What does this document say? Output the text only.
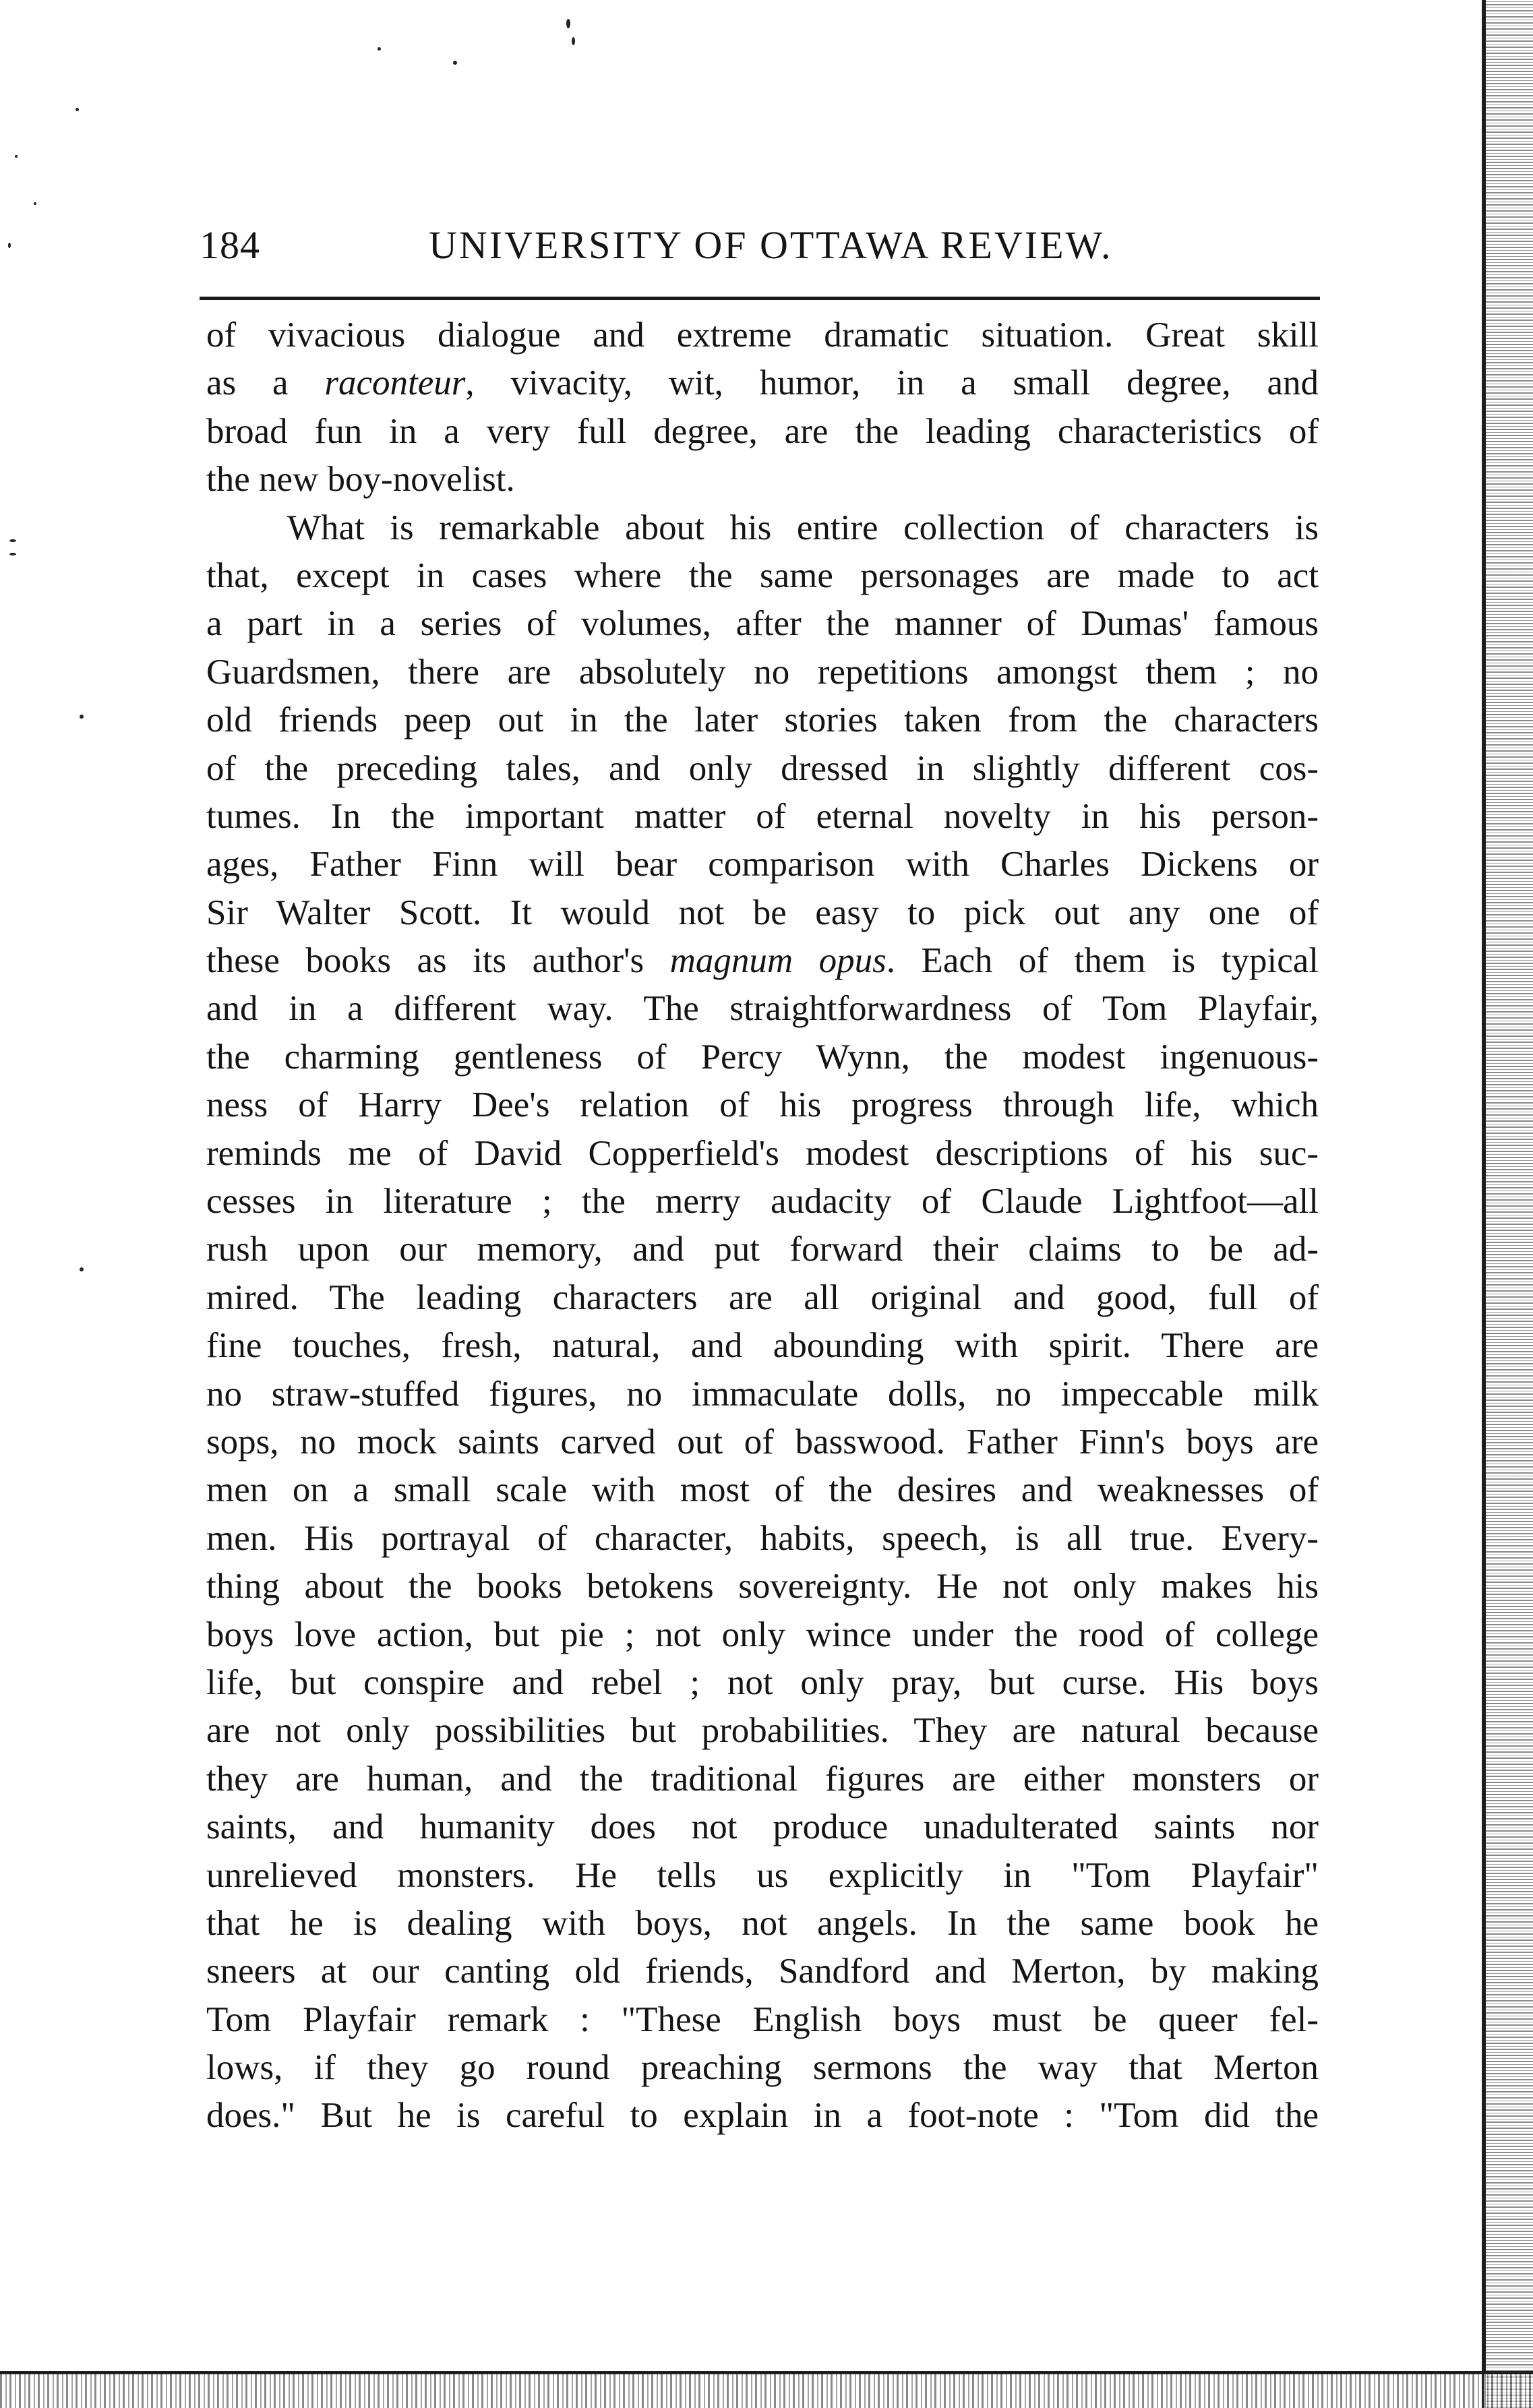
184	UNIVERSITY OF OTTAWA REVIEW.
of vivacious dialogue and extreme dramatic situation. Great skill
as a raconteur, vivacity, wit, humor, in a small degree, and
broad fun in a very full degree, are the leading characteristics of
the new boy-novelist.
What is remarkable about his entire collection of characters is
that, except in cases where the same personages are made to act
a part in a series of volumes, after the manner of Dumas' famous
Guardsmen, there are absolutely no repetitions amongst them ; no
old friends peep out in the later stories taken from the characters
of the preceding tales, and only dressed in slightly different cos-
tumes. In the important matter of eternal novelty in his person-
ages, Father Finn will bear comparison with Charles Dickens or
Sir Walter Scott. It would not be easy to pick out any one of
these books as its author's magnum opus. Each of them is typical
and in a different way. The straightforwardness of Tom Playfair,
the charming gentleness of Percy Wynn, the modest ingenuous-
ness of Harry Dee's relation of his progress through life, which
reminds me of David Copperfield's modest descriptions of his suc-
cesses in literature ; the merry audacity of Claude Lightfoot—all
rush upon our memory, and put forward their claims to be ad-
mired. The leading characters are all original and good, full of
fine touches, fresh, natural, and abounding with spirit. There are
no straw-stuffed figures, no immaculate dolls, no impeccable milk
sops, no mock saints carved out of basswood. Father Finn's boys are
men on a small scale with most of the desires and weaknesses of
men. His portrayal of character, habits, speech, is all true. Every-
thing about the books betokens sovereignty. He not only makes his
boys love action, but pie ; not only wince under the rood of college
life, but conspire and rebel ; not only pray, but curse. His boys
are not only possibilities but probabilities. They are natural because
they are human, and the traditional figures are either monsters or
saints, and humanity does not produce unadulterated saints nor
unrelieved monsters. He tells us explicitly in "Tom Playfair"
that he is dealing with boys, not angels. In the same book he
sneers at our canting old friends, Sandford and Merton, by making
Tom Playfair remark : "These English boys must be queer fel-
lows, if they go round preaching sermons the way that Merton
does." But he is careful to explain in a foot-note : "Tom did the
